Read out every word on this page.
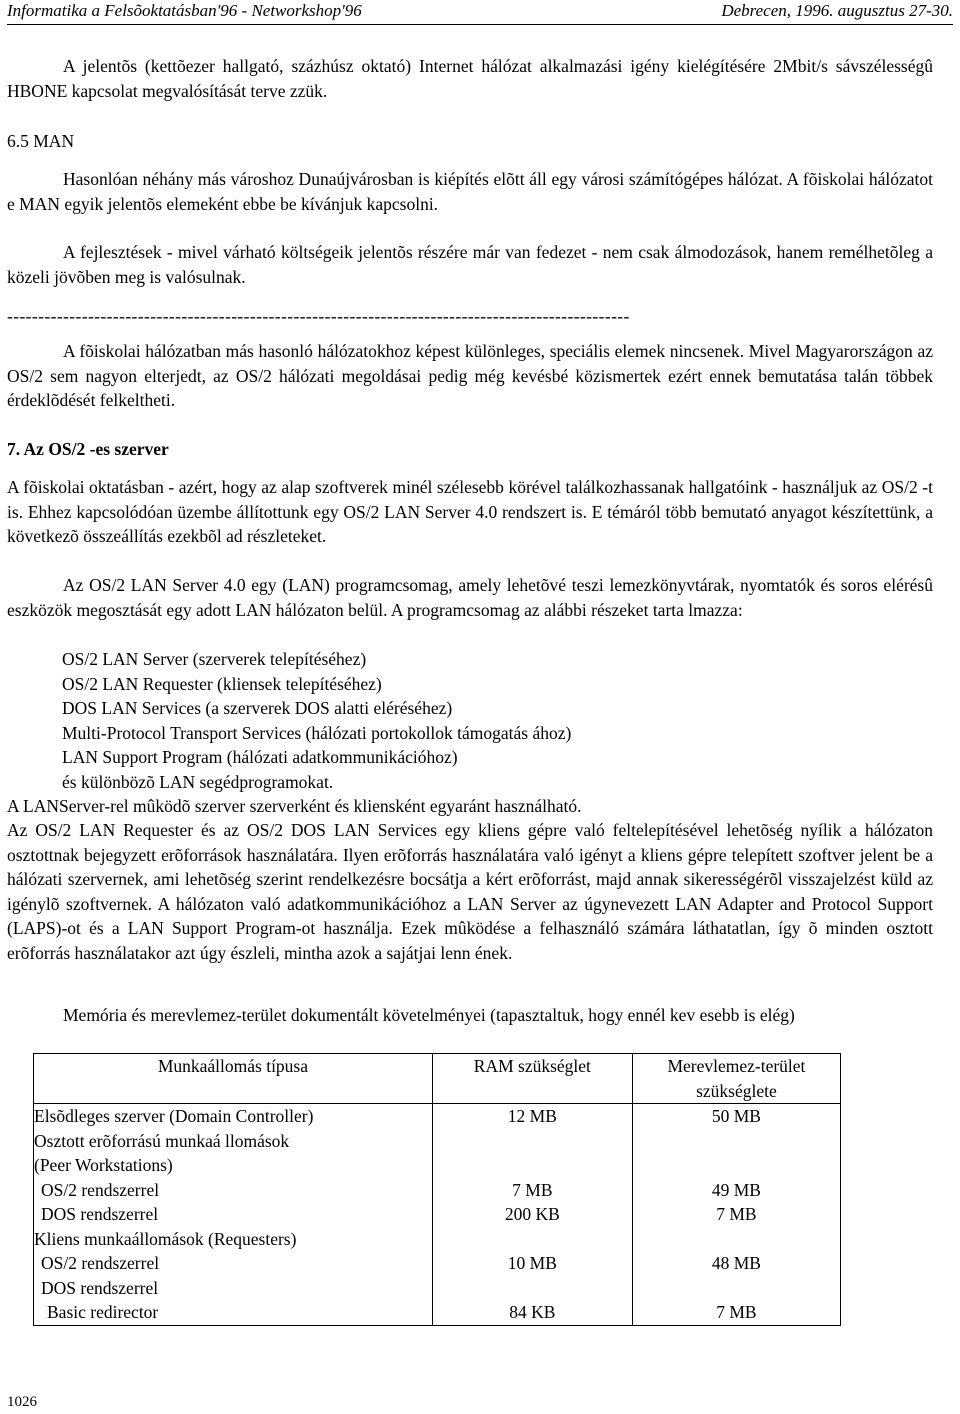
Informatika a Felsõoktatásban'96 - Networkshop'96	Debrecen, 1996. augusztus 27-30.
A jelentõs (kettõezer hallgató, százhúsz oktató) Internet hálózat alkalmazási igény kielégítésére 2Mbit/s sávszélességû HBONE kapcsolat megvalósítását terve zzük.
6.5 MAN
Hasonlóan néhány más városhoz Dunaújvárosban is kiépítés elõtt áll egy városi számítógépes hálózat. A fõiskolai hálózatot e MAN egyik jelentõs elemeként ebbe be kívánjuk kapcsolni.
A fejlesztések - mivel várható költségeik jelentõs részére már van fedezet - nem csak álmodozások, hanem remélhetõleg a közeli jövõben meg is valósulnak.
----------------------------------------------------------------------------------------------------
A fõiskolai hálózatban más hasonló hálózatokhoz képest különleges, speciális elemek nincsenek. Mivel Magyarországon az OS/2 sem nagyon elterjedt, az OS/2 hálózati megoldásai pedig még kevésbé közismertek ezért ennek bemutatása talán többek érdeklõdését felkeltheti.
7. Az OS/2 -es szerver
A fõiskolai oktatásban - azért, hogy az alap szoftverek minél szélesebb körével találkozhassanak hallgatóink - használjuk az OS/2 -t is. Ehhez kapcsolódóan üzembe állítottunk egy OS/2 LAN Server 4.0 rendszert is. E témáról több bemutató anyagot készítettünk, a következõ összeállítás ezekbõl ad részleteket.
Az OS/2 LAN Server 4.0 egy (LAN) programcsomag, amely lehetõvé teszi lemezkönyvtárak, nyomtatók és soros elérésû eszközök megosztását egy adott LAN hálózaton belül. A programcsomag az alábbi részeket tarta lmazza:
OS/2 LAN Server (szerverek telepítéséhez)
OS/2 LAN Requester (kliensek telepítéséhez)
DOS LAN Services (a szerverek DOS alatti eléréséhez)
Multi-Protocol Transport Services (hálózati portokollok támogatás ához)
LAN Support Program (hálózati adatkommunikációhoz)
és különbözõ LAN segédprogramokat.
A LANServer-rel mûködõ szerver szerverként és kliensként egyaránt használható.
Az OS/2 LAN Requester és az OS/2 DOS LAN Services egy kliens gépre való feltelepítésével lehetõség nyílik a hálózaton osztottnak bejegyzett erõforrások használatára. Ilyen erõforrás használatára való igényt a kliens gépre telepített szoftver jelent be a hálózati szervernek, ami lehetõség szerint rendelkezésre bocsátja a kért erõforrást, majd annak sikerességérõl visszajelzést küld az igénylõ szoftvernek. A hálózaton való adatkommunikációhoz a LAN Server az úgynevezett LAN Adapter and Protocol Support (LAPS)-ot és a LAN Support Program-ot használja. Ezek mûködése a felhasználó számára láthatatlan, így õ minden osztott erõforrás használatakor azt úgy észleli, mintha azok a sajátjai lenn ének.
Memória és merevlemez-terület dokumentált követelményei (tapasztaltuk, hogy ennél kev esebb is elég)
Munkaállomás típusa	RAM szükséglet	Merevlemez-terület szükséglete
Elsõdleges szerver (Domain Controller)	12 MB	50 MB
Osztott erõforrású munkaá llomások		
(Peer Workstations)		
OS/2 rendszerrel	7 MB	49 MB
DOS rendszerrel	200 KB	7 MB
Kliens munkaállomások (Requesters)		
OS/2 rendszerrel	10 MB	48 MB
DOS rendszerrel		
Basic redirector	84 KB	7 MB
1026
